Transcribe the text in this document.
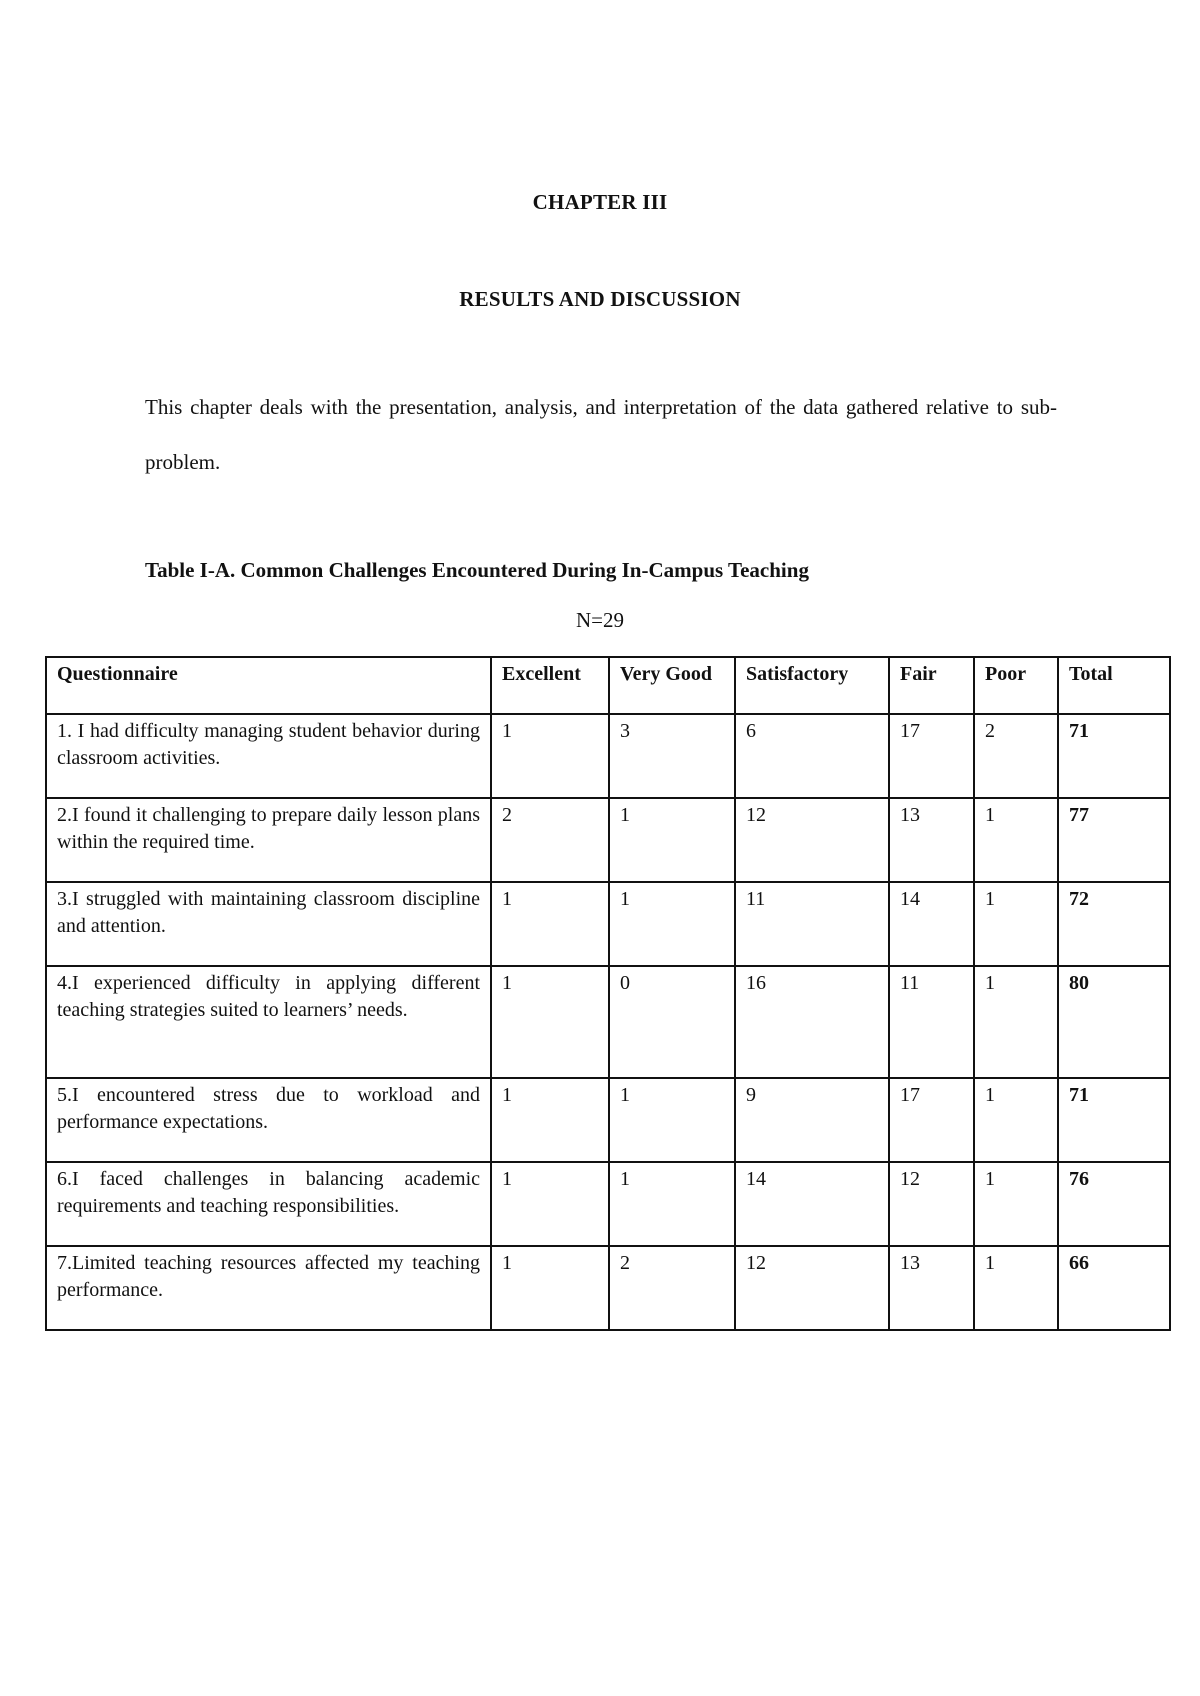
CHAPTER III
RESULTS AND DISCUSSION

This chapter deals with the presentation, analysis, and interpretation of the data gathered relative to sub-problem.

Table I-A. Common Challenges Encountered During In-Campus Teaching
N=29
Questionnaire	Excellent	Very Good	Satisfactory	Fair	Poor	Total
1. I had difficulty managing student behavior during classroom activities.	1	3	6	17	2	71
2.I found it challenging to prepare daily lesson plans within the required time.	2	1	12	13	1	77
3.I struggled with maintaining classroom discipline and attention.	1	1	11	14	1	72
4.I experienced difficulty in applying different teaching strategies suited to learners’ needs.	1	0	16	11	1	80
5.I encountered stress due to workload and performance expectations.	1	1	9	17	1	71
6.I faced challenges in balancing academic requirements and teaching responsibilities.	1	1	14	12	1	76
7.Limited teaching resources affected my teaching performance.	1	2	12	13	1	66
